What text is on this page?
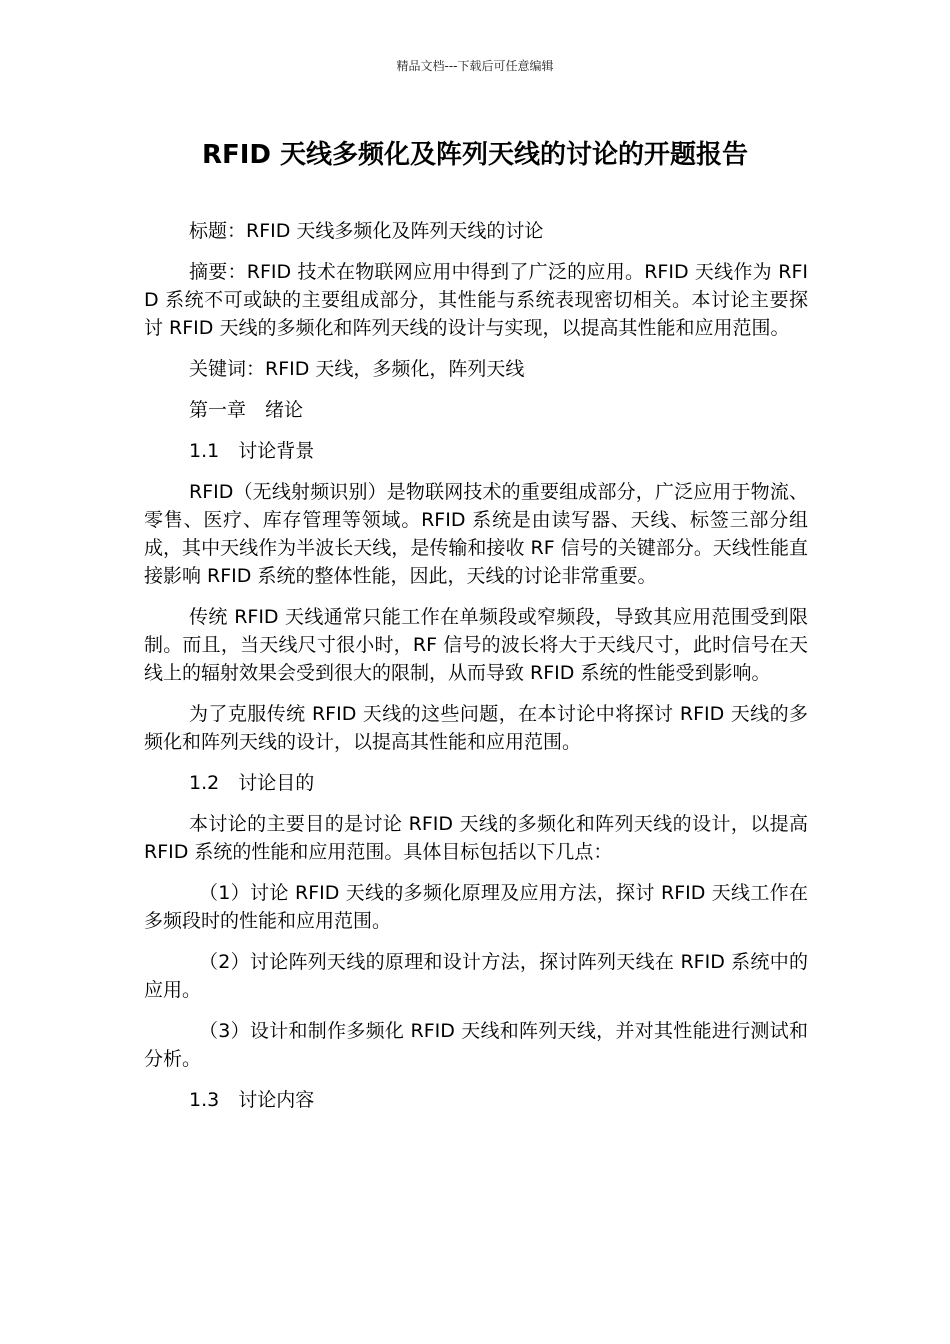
精品文档---下载后可任意编辑
RFID 天线多频化及阵列天线的讨论的开题报告

标题：RFID 天线多频化及阵列天线的讨论

摘要：RFID 技术在物联网应用中得到了广泛的应用。RFID 天线作为 RFID 系统不可或缺的主要组成部分，其性能与系统表现密切相关。本讨论主要探讨 RFID 天线的多频化和阵列天线的设计与实现，以提高其性能和应用范围。

关键词：RFID 天线，多频化，阵列天线

第一章　绪论

1.1　讨论背景

RFID（无线射频识别）是物联网技术的重要组成部分，广泛应用于物流、零售、医疗、库存管理等领域。RFID 系统是由读写器、天线、标签三部分组成，其中天线作为半波长天线，是传输和接收 RF 信号的关键部分。天线性能直接影响 RFID 系统的整体性能，因此，天线的讨论非常重要。

传统 RFID 天线通常只能工作在单频段或窄频段，导致其应用范围受到限制。而且，当天线尺寸很小时，RF 信号的波长将大于天线尺寸，此时信号在天线上的辐射效果会受到很大的限制，从而导致 RFID 系统的性能受到影响。

为了克服传统 RFID 天线的这些问题，在本讨论中将探讨 RFID 天线的多频化和阵列天线的设计，以提高其性能和应用范围。

1.2　讨论目的

本讨论的主要目的是讨论 RFID 天线的多频化和阵列天线的设计，以提高 RFID 系统的性能和应用范围。具体目标包括以下几点：

（1）讨论 RFID 天线的多频化原理及应用方法，探讨 RFID 天线工作在多频段时的性能和应用范围。

（2）讨论阵列天线的原理和设计方法，探讨阵列天线在 RFID 系统中的应用。

（3）设计和制作多频化 RFID 天线和阵列天线，并对其性能进行测试和分析。

1.3　讨论内容
